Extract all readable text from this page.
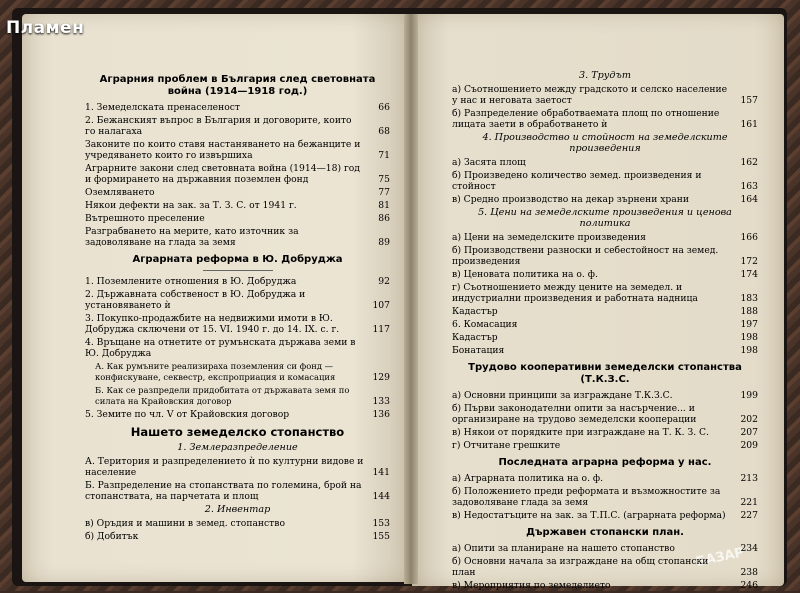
Пламен
БАЗАР
Аграрния проблем в България след световната война (1914—1918 год.)
1. Земеделската пренаселеност	66
2. Бежанският въпрос в България и договорите, които го налагаха	68
Законите по които ставя настаняването на бежанците и учредяването които го извършиха	71
Аграрните закони след световната война (1914—18) год и формирането на държавния поземлен фонд	75
Оземляването	77
Някои дефекти на зак. за Т. З. С. от 1941 г.	81
Вътрешното преселение	86
Разграбването на мерите, като източник за задоволяване на глада за земя	89
Аграрната реформа в Ю. Добруджа
1. Поземлените отношения в Ю. Добруджа	92
2. Държавната собственост в Ю. Добруджа и установяването ѝ	107
3. Покупко-продажбите на недвижими имоти в Ю. Добруджа сключени от 15. VI. 1940 г. до 14. IX. с. г.	117
4. Връщане на отнетите от румънската държава земи в Ю. Добруджа
А. Как румъните реализираха поземления си фонд — конфискуване, секвестр, експроприация и комасация	129
Б. Как се разпредели придобитата от държавата земя по силата на Крайовския договор	133
5. Земите по чл. V от Крайовския договор	136
Нашето земеделско стопанство
1. Землеразпределение
А. Територия и разпределението ѝ по културни видове и население	141
Б. Разпределение на стопанствата по големина, брой на стопанствата, на парчетата и площ	144
2. Инвентар
в) Оръдия и машини в земед. стопанство	153
б) Добитък	155
3. Трудът
а) Съотношението между градското и селско население у нас и неговата заетост	157
б) Разпределение обработваемата площ по отношение лицата заети в обработването ѝ	161
4. Производство и стойност на земеделските произведения
а) Засята площ	162
б) Произведено количество земед. произведения и стойност	163
в) Средно производство на декар зърнени храни	164
5. Цени на земеделските произведения и ценова политика
а) Цени на земеделските произведения	166
б) Производствени разноски и себестойност на земед. произведения	172
в) Ценовата политика на о. ф.	174
г) Съотношението между цените на земедел. и индустриални произведения и работната надница	183
Кадастър	188
6. Комасация	197
Кадастър	198
Бонатация	198
Трудово кооперативни земеделски стопанства (Т.К.З.С.
а) Основни принципи за изграждане Т.К.З.С.	199
б) Първи законодателни опити за насърчение... и организиране на трудово земеделски кооперации	202
в) Някои от порядките при изграждане на Т. К. З. С.	207
г) Отчитане грешките	209
Последната аграрна реформа у нас.
а) Аграрната политика на о. ф.	213
б) Положението преди реформата и възможностите за задоволяване глада за земя	221
в) Недостатъците на зак. за Т.П.С. (аграрната реформа)	227
Държавен стопански план.
а) Опити за планиране на нашето стопанство	234
б) Основни начала за изграждане на общ стопански план	238
в) Мероприятия по земеделието	246
